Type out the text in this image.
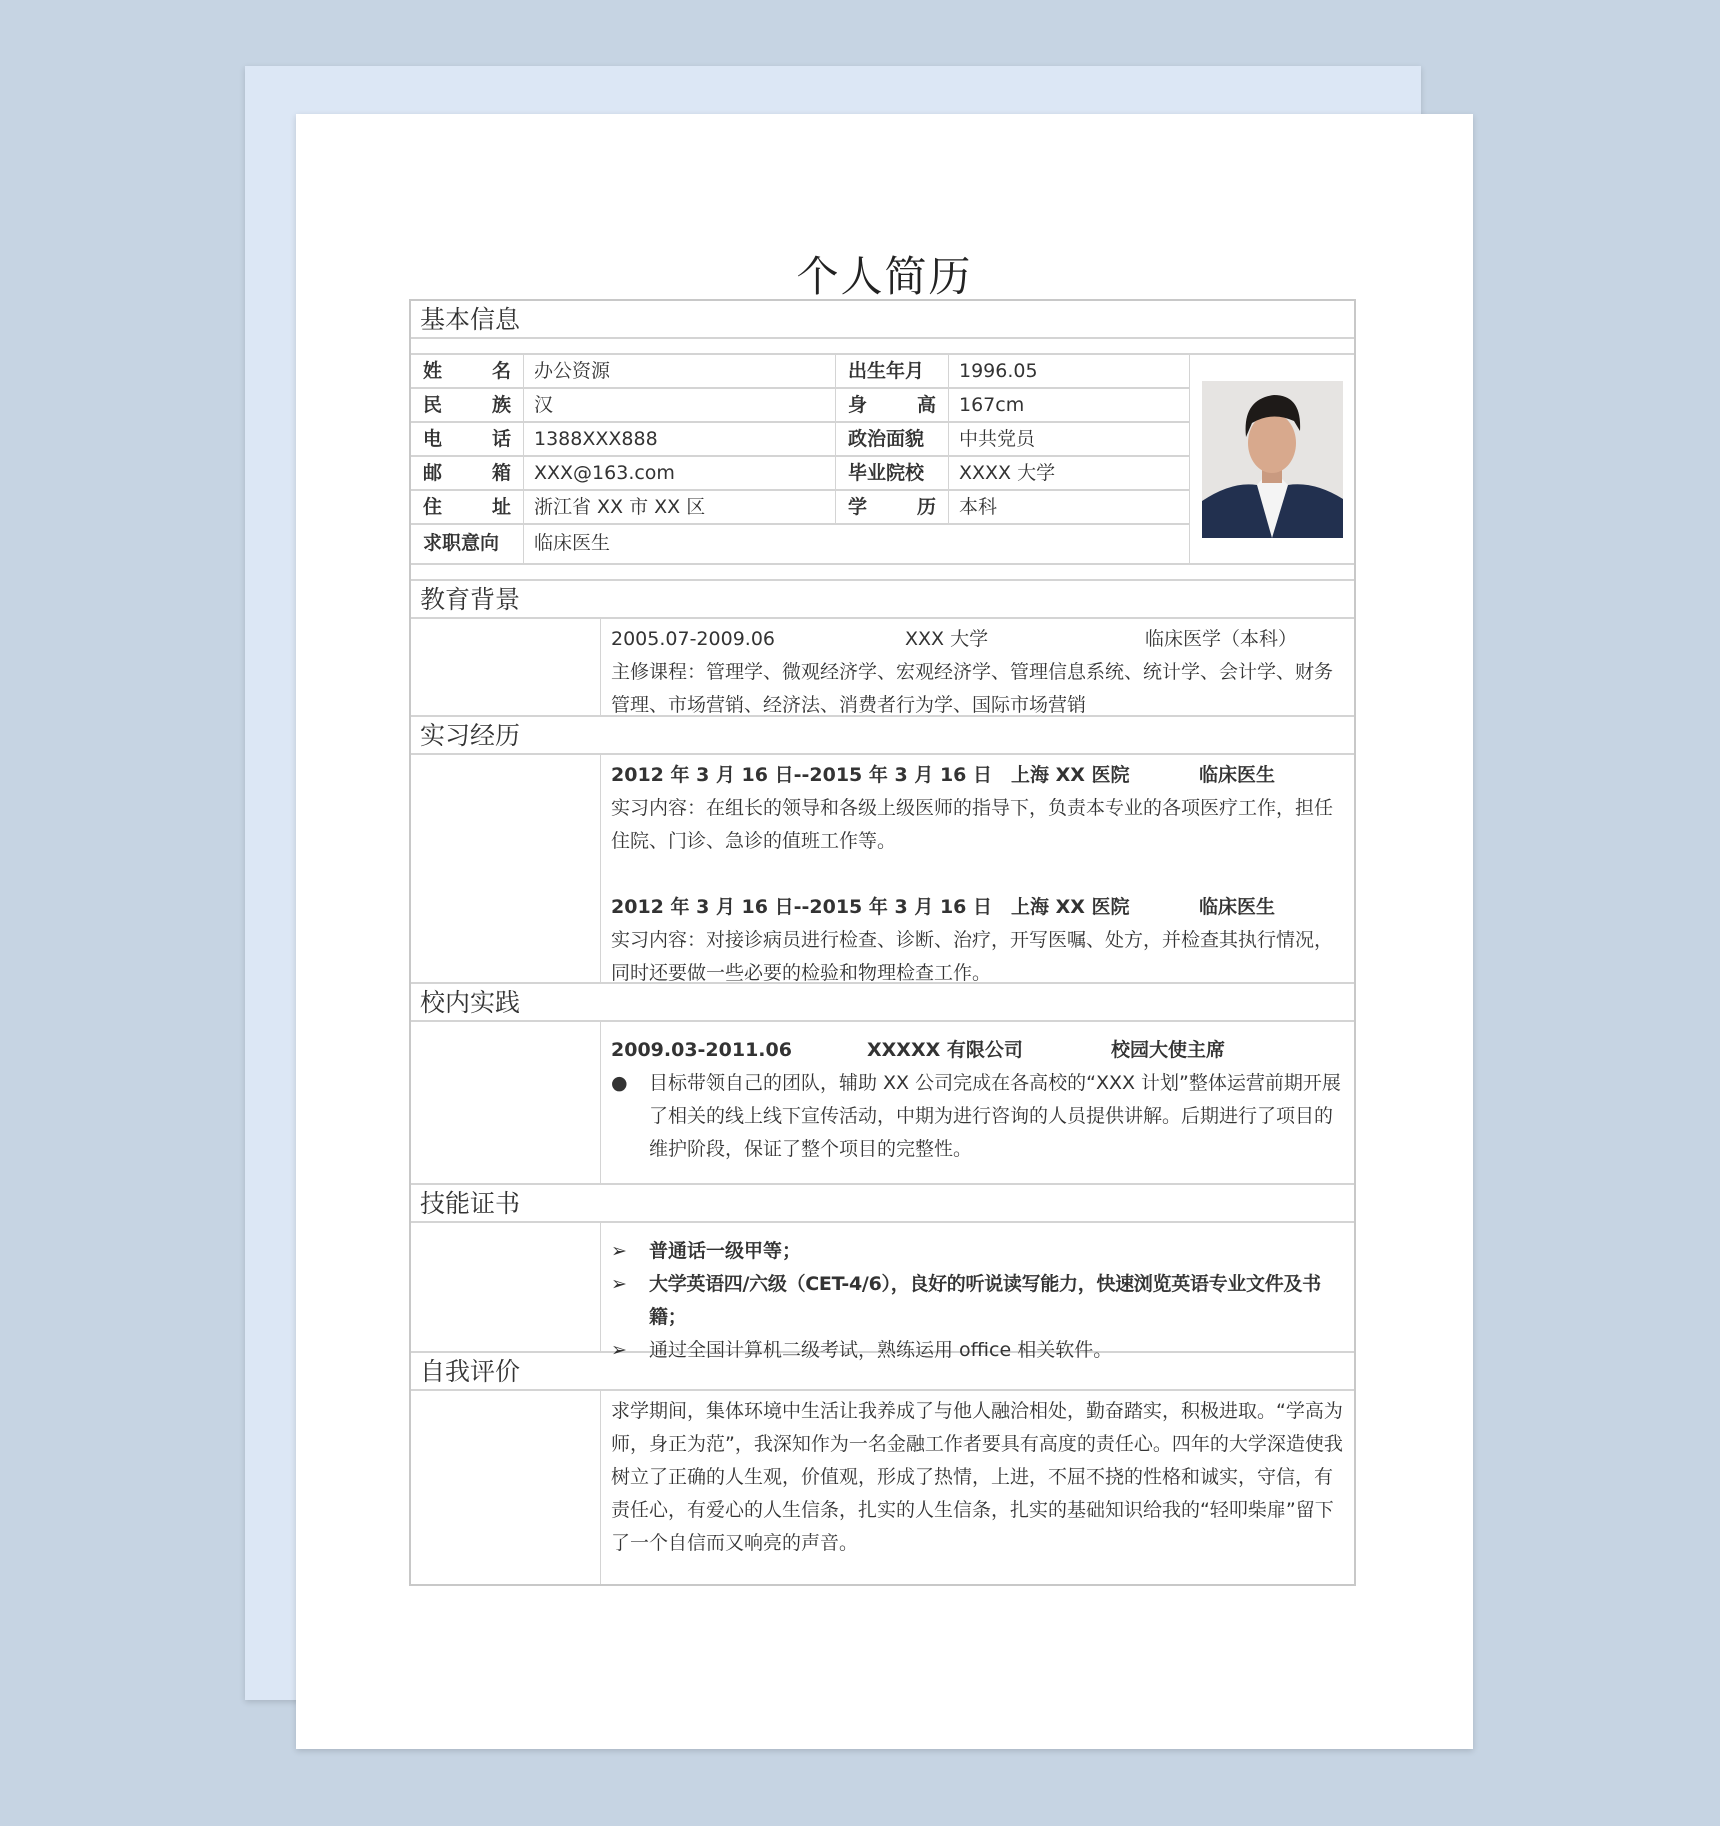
个人简历
基本信息
姓	名	办公资源	出生年月	1996.05
民	族	汉	身	高	167cm
电	话	1388XXX888	政治面貌	中共党员
邮	箱	XXX@163.com	毕业院校	XXXX 大学
住	址	浙江省 XX 市 XX 区	学	历	本科
求职意向	临床医生
教育背景
2005.07-2009.06	XXX 大学	临床医学（本科）
主修课程：管理学、微观经济学、宏观经济学、管理信息系统、统计学、会计学、财务管理、市场营销、经济法、消费者行为学、国际市场营销
实习经历
2012 年 3 月 16 日--2015 年 3 月 16 日 上海 XX 医院	临床医生
实习内容：在组长的领导和各级上级医师的指导下，负责本专业的各项医疗工作，担任住院、门诊、急诊的值班工作等。
2012 年 3 月 16 日--2015 年 3 月 16 日 上海 XX 医院	临床医生
实习内容：对接诊病员进行检查、诊断、治疗，开写医嘱、处方，并检查其执行情况，同时还要做一些必要的检验和物理检查工作。
校内实践
2009.03-2011.06	XXXXX 有限公司	校园大使主席
●	目标带领自己的团队，辅助 XX 公司完成在各高校的“XXX 计划”整体运营前期开展了相关的线上线下宣传活动，中期为进行咨询的人员提供讲解。后期进行了项目的维护阶段，保证了整个项目的完整性。
技能证书
➢	普通话一级甲等；
➢	大学英语四/六级（CET-4/6），良好的听说读写能力，快速浏览英语专业文件及书籍；
➢	通过全国计算机二级考试，熟练运用 office 相关软件。
自我评价
求学期间，集体环境中生活让我养成了与他人融洽相处，勤奋踏实，积极进取。“学高为师，身正为范”，我深知作为一名金融工作者要具有高度的责任心。四年的大学深造使我树立了正确的人生观，价值观，形成了热情，上进，不屈不挠的性格和诚实，守信，有责任心，有爱心的人生信条，扎实的人生信条，扎实的基础知识给我的“轻叩柴扉”留下了一个自信而又响亮的声音。
